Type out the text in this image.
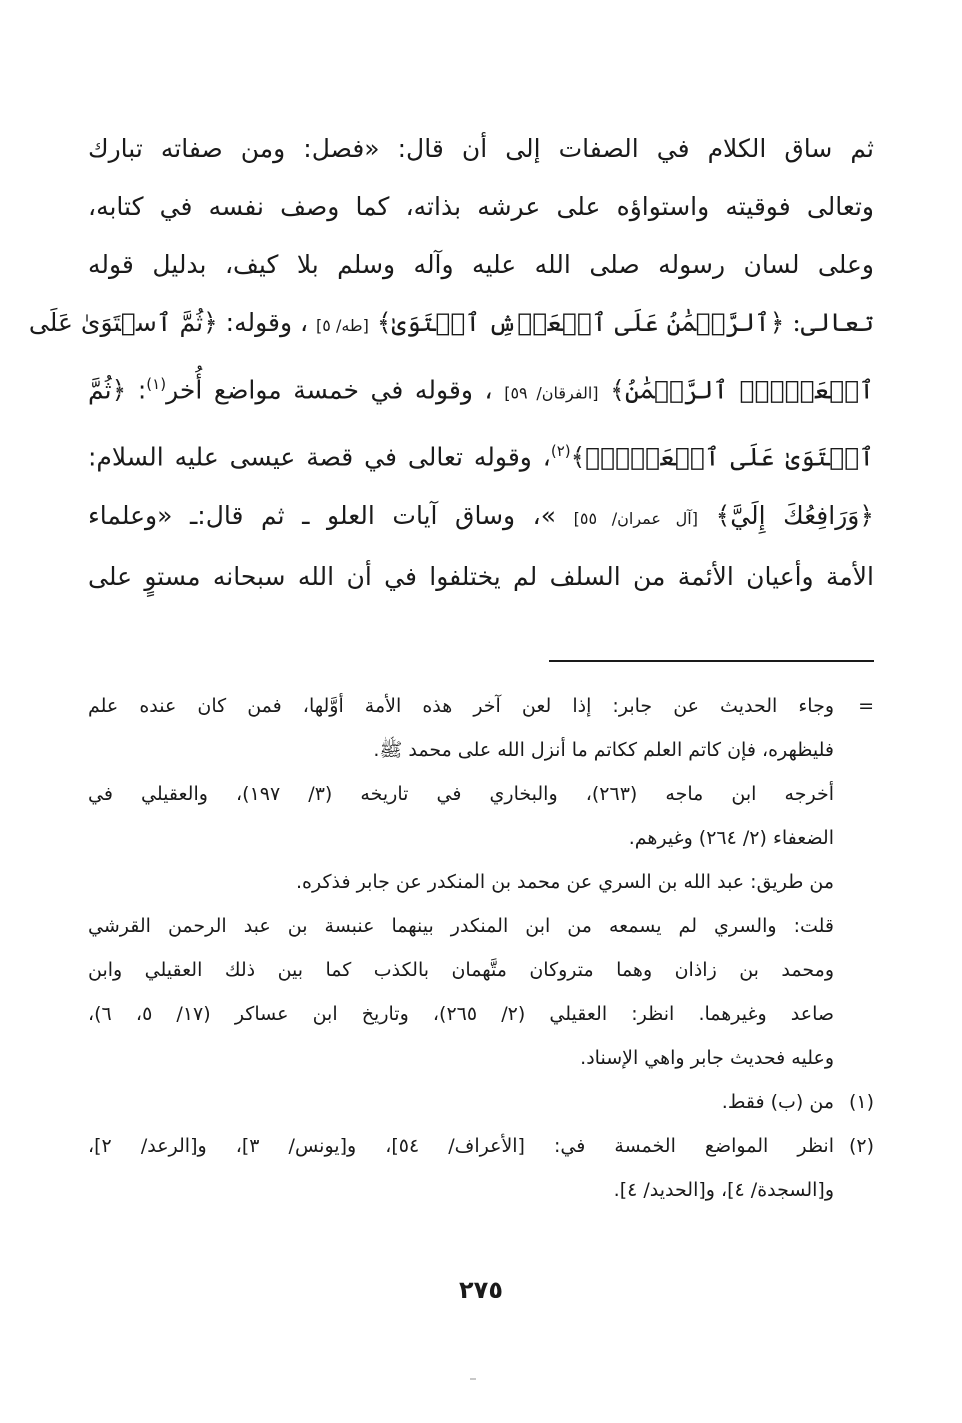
ثم ساق الكلام في الصفات إلى أن قال: «فصل: ومن صفاته تبارك
وتعالى فوقيته واستواؤه على عرشه بذاته، كما وصف نفسه في كتابه،
وعلى لسان رسوله صلى الله عليه وآله وسلم بلا كيف، بدليل قوله
تعالى: ﴿ٱلرَّحۡمَٰنُ عَلَى ٱلۡعَرۡشِ ٱسۡتَوَىٰ﴾ [طه/ ٥] ، وقوله: ﴿ثُمَّ ٱسۡتَوَىٰ عَلَى
ٱلۡعَرۡشِۖ ٱلرَّحۡمَٰنُ﴾ [الفرقان/ ٥٩] ، وقوله في خمسة مواضع أُخر$^{(١)}$: ﴿ثُمَّ
ٱسۡتَوَىٰ عَلَى ٱلۡعَرۡشِۖ﴾$^{(٢)}$، وقوله تعالى في قصة عيسى عليه السلام:
﴿وَرَافِعُكَ إِلَيَّ﴾ [آل عمران/ ٥٥] »، وساق آيات العلو ـ ثم قال:ـ «وعلماء
الأمة وأعيان الأئمة من السلف لم يختلفوا في أن الله سبحانه مستوٍ على
=
وجاء الحديث عن جابر: إذا لعن آخر هذه الأمة أوَّلها، فمن كان عنده علم
فليظهره، فإن كاتم العلم ككاتم ما أنزل الله على محمد ﷺ.
أخرجه ابن ماجه (٢٦٣)، والبخاري في تاريخه (٣/ ١٩٧)، والعقيلي في
الضعفاء (٢/ ٢٦٤) وغيرهم.
من طريق: عبد الله بن السري عن محمد بن المنكدر عن جابر فذكره.
قلت: والسري لم يسمعه من ابن المنكدر بينهما عنبسة بن عبد الرحمن القرشي
ومحمد بن زاذان وهما متروكان متَّهمان بالكذب كما بين ذلك العقيلي وابن
صاعد وغيرهما. انظر: العقيلي (٢/ ٢٦٥)، وتاريخ ابن عساكر (١٧/ ٥، ٦)،
وعليه فحديث جابر واهي الإسناد.
(١)
من (ب) فقط.
(٢)
انظر المواضع الخمسة في: [الأعراف/ ٥٤]، و[يونس/ ٣]، و[الرعد/ ٢]،
و[السجدة/ ٤]، و[الحديد/ ٤].
٢٧٥
